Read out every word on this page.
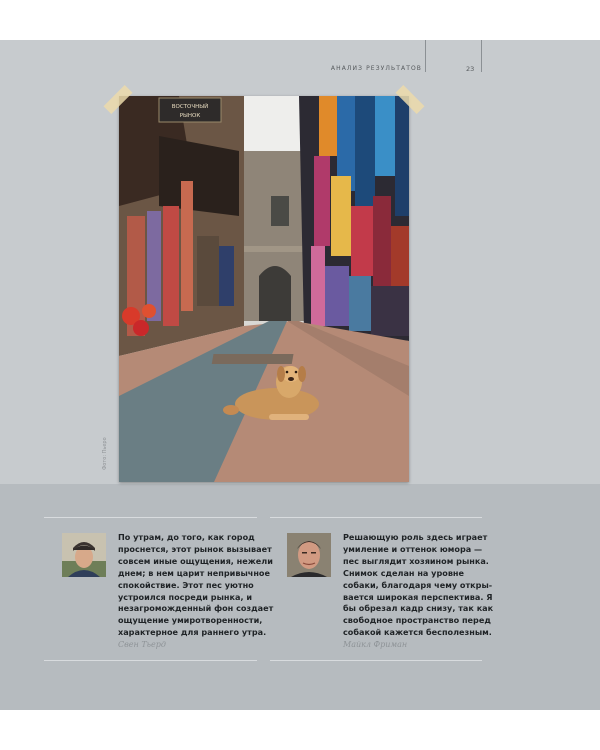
АНАЛИЗ РЕЗУЛЬТАТОВ	23
ВОСТОЧНЫЙ
РЫНОК
Фото: Пьеро
По утрам, до того, как город
проснется, этот рынок вызывает
совсем иные ощущения, нежели
днем; в нем царит непривычное
спокойствие. Этот пес уютно
устроился посреди рынка, и
незагроможденный фон создает
ощущение умиротворенности,
характерное для раннего утра.
Свен Тьерд
Решающую роль здесь играет
умиление и оттенок юмора —
пес выглядит хозяином рынка.
Снимок сделан на уровне
собаки, благодаря чему откры-
вается широкая перспектива. Я
бы обрезал кадр снизу, так как
свободное пространство перед
собакой кажется бесполезным.
Майкл Фриман
